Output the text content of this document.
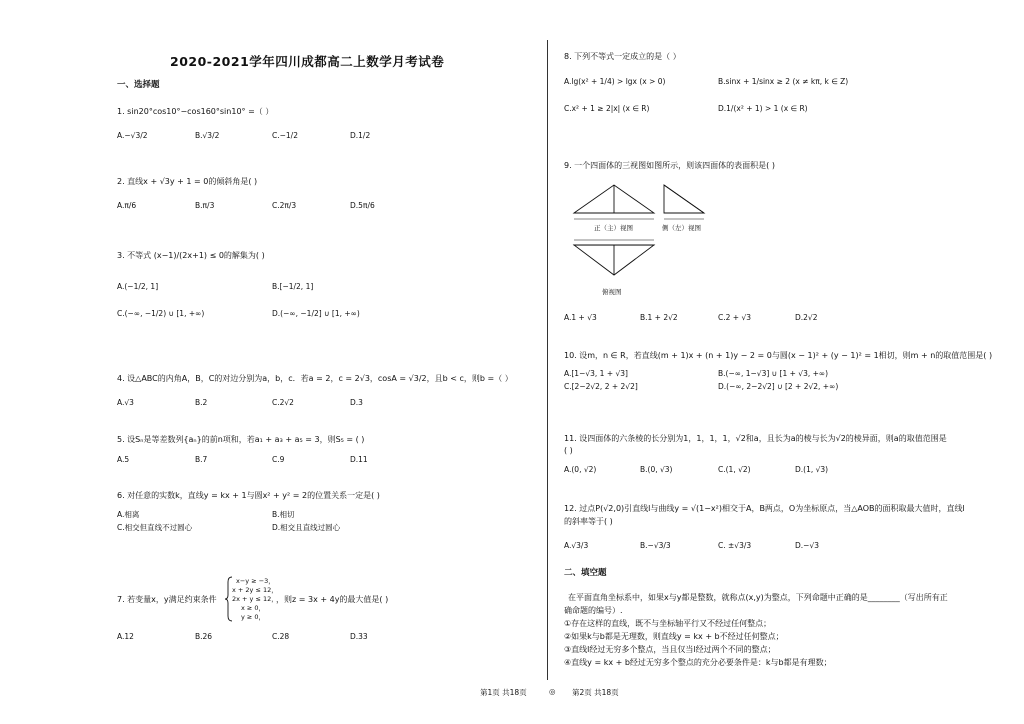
2020-2021学年四川成都高二上数学月考试卷
一、选择题
1. sin20°cos10°−cos160°sin10° =（ ）
A.−√3/2	B.√3/2	C.−1/2	D.1/2
2. 直线x + √3y + 1 = 0的倾斜角是( )
A.π/6	B.π/3	C.2π/3	D.5π/6
3. 不等式 (x−1)/(2x+1) ≤ 0的解集为( )
A.(−1/2, 1]	B.[−1/2, 1]
C.(−∞, −1/2) ∪ [1, +∞)	D.(−∞, −1/2] ∪ [1, +∞)
4. 设△ABC的内角A，B，C的对边分别为a，b，c．若a = 2，c = 2√3，cosA = √3/2，且b < c，则b =（ ）
A.√3	B.2	C.2√2	D.3
5. 设Sₙ是等差数列{aₙ}的前n项和，若a₁ + a₃ + a₅ = 3，则S₅ = ( )
A.5	B.7	C.9	D.11
6. 对任意的实数k，直线y = kx + 1与圆x² + y² = 2的位置关系一定是( )
A.相离	B.相切
C.相交但直线不过圆心	D.相交且直线过圆心
7. 若变量x，y满足约束条件
x−y ≥ −3，
x + 2y ≤ 12，
2x + y ≤ 12，
x ≥ 0，
y ≥ 0，
，则z = 3x + 4y的最大值是( )
A.12	B.26	C.28	D.33
8. 下列不等式一定成立的是（ ）
A.lg(x² + 1/4) > lgx (x > 0)	B.sinx + 1/sinx ≥ 2 (x ≠ kπ, k ∈ Z)
C.x² + 1 ≥ 2|x| (x ∈ R)	D.1/(x² + 1) > 1 (x ∈ R)
9. 一个四面体的三视图如图所示，则该四面体的表面积是( )
正（主）视图	侧（左）视图
俯视图
A.1 + √3	B.1 + 2√2	C.2 + √3	D.2√2
10. 设m，n ∈ R，若直线(m + 1)x + (n + 1)y − 2 = 0与圆(x − 1)² + (y − 1)² = 1相切，则m + n的取值范围是( )
A.[1−√3, 1 + √3]	B.(−∞, 1−√3] ∪ [1 + √3, +∞)
C.[2−2√2, 2 + 2√2]	D.(−∞, 2−2√2] ∪ [2 + 2√2, +∞)
11. 设四面体的六条棱的长分别为1，1，1，1，√2和a，且长为a的棱与长为√2的棱异面，则a的取值范围是
( )
A.(0, √2)	B.(0, √3)	C.(1, √2)	D.(1, √3)
12. 过点P(√2,0)引直线l与曲线y = √(1−x²)相交于A，B两点，O为坐标原点，当△AOB的面积取最大值时，直线l
的斜率等于( )
A.√3/3	B.−√3/3	C. ±√3/3	D.−√3
二、填空题
在平面直角坐标系中，如果x与y都是整数，就称点(x,y)为整点，下列命题中正确的是________（写出所有正
确命题的编号）.
①存在这样的直线，既不与坐标轴平行又不经过任何整点；
②如果k与b都是无理数，则直线y = kx + b不经过任何整点；
③直线l经过无穷多个整点，当且仅当l经过两个不同的整点；
④直线y = kx + b经过无穷多个整点的充分必要条件是：k与b都是有理数；
第1页 共18页	◎ 第2页 共18页
